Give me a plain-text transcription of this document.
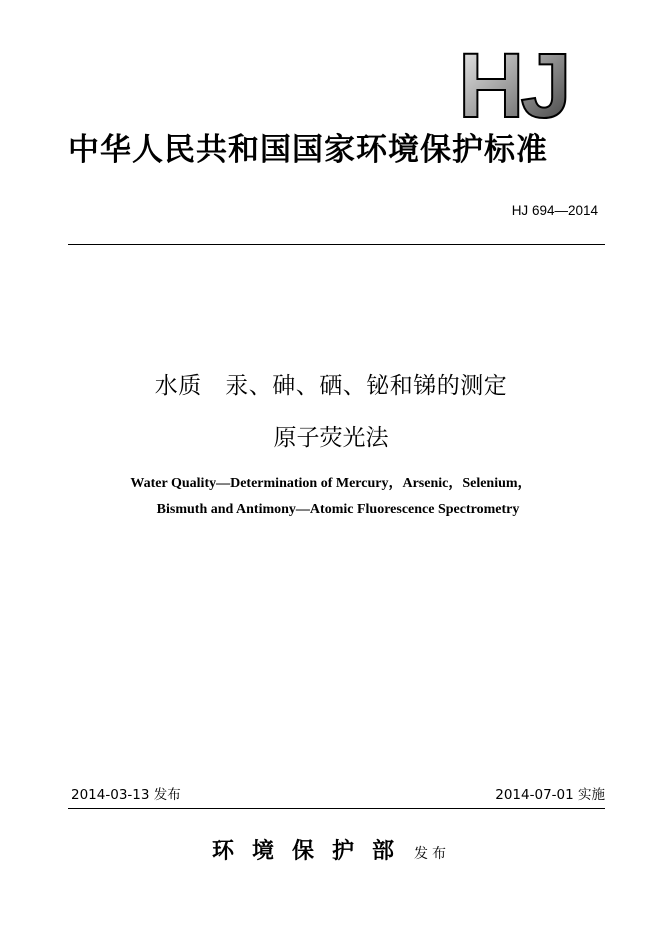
HJ
中华人民共和国国家环境保护标准
HJ 694—2014
水质   汞、砷、硒、铋和锑的测定
原子荧光法
Water Quality—Determination of Mercury，Arsenic，Selenium，
Bismuth and Antimony—Atomic Fluorescence Spectrometry
2014-03-13 发布	2014-07-01 实施
环境保护部 发布
